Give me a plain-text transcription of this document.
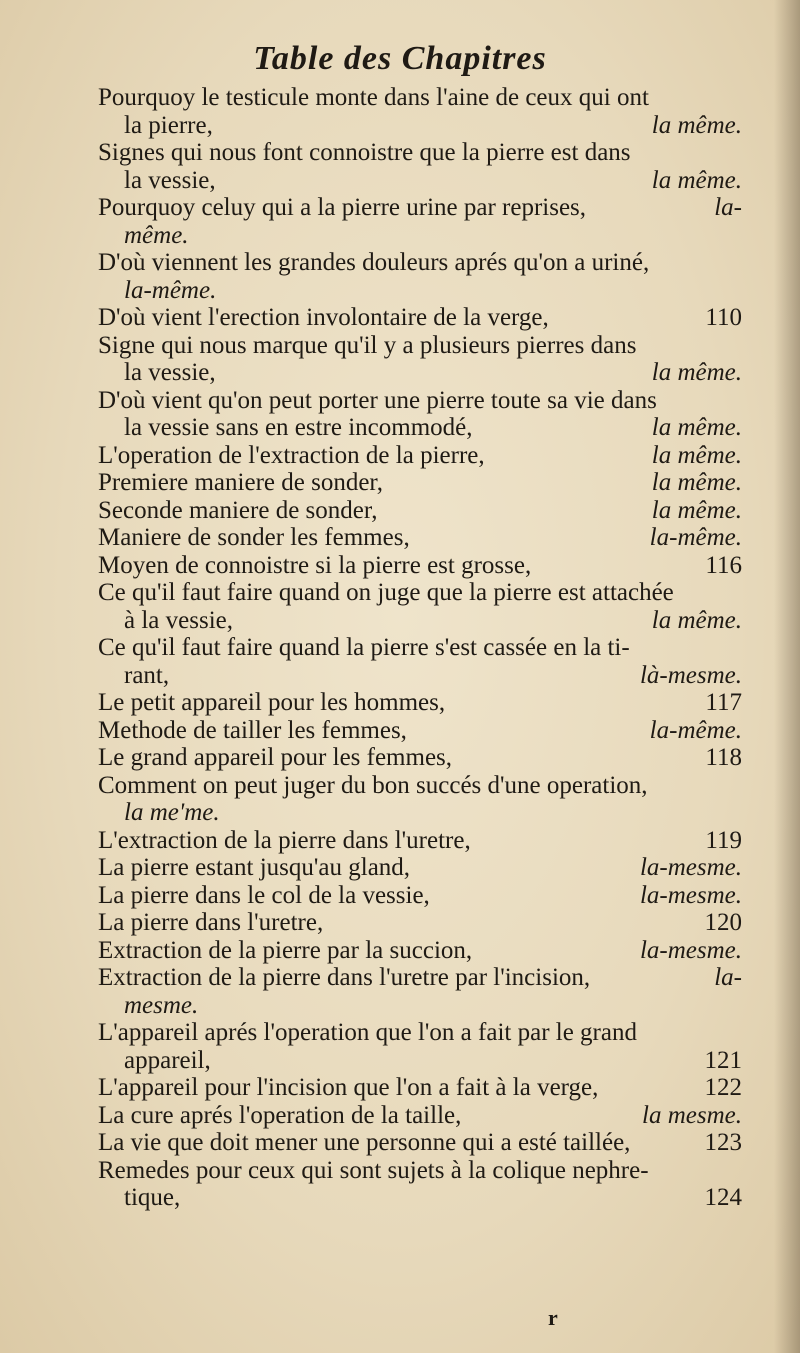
Table des Chapitres
Pourquoy le testicule monte dans l'aine de ceux qui ont
la pierre,	la même.
Signes qui nous font connoistre que la pierre est dans
la vessie,	la même.
Pourquoy celuy qui a la pierre urine par reprises,	la-
même.
D'où viennent les grandes douleurs aprés qu'on a uriné,
la-même.
D'où vient l'erection involontaire de la verge,	110
Signe qui nous marque qu'il y a plusieurs pierres dans
la vessie,	la même.
D'où vient qu'on peut porter une pierre toute sa vie dans
la vessie sans en estre incommodé,	la même.
L'operation de l'extraction de la pierre,	la même.
Premiere maniere de sonder,	la même.
Seconde maniere de sonder,	la même.
Maniere de sonder les femmes,	la-même.
Moyen de connoistre si la pierre est grosse,	116
Ce qu'il faut faire quand on juge que la pierre est attachée
à la vessie,	la même.
Ce qu'il faut faire quand la pierre s'est cassée en la ti-
rant,	là-mesme.
Le petit appareil pour les hommes,	117
Methode de tailler les femmes,	la-même.
Le grand appareil pour les femmes,	118
Comment on peut juger du bon succés d'une operation,
la me'me.
L'extraction de la pierre dans l'uretre,	119
La pierre estant jusqu'au gland,	la-mesme.
La pierre dans le col de la vessie,	la-mesme.
La pierre dans l'uretre,	120
Extraction de la pierre par la succion,	la-mesme.
Extraction de la pierre dans l'uretre par l'incision,	la-
mesme.
L'appareil aprés l'operation que l'on a fait par le grand
appareil,	121
L'appareil pour l'incision que l'on a fait à la verge,	122
La cure aprés l'operation de la taille,	la mesme.
La vie que doit mener une personne qui a esté taillée,	123
Remedes pour ceux qui sont sujets à la colique nephre-
tique,	124
r
